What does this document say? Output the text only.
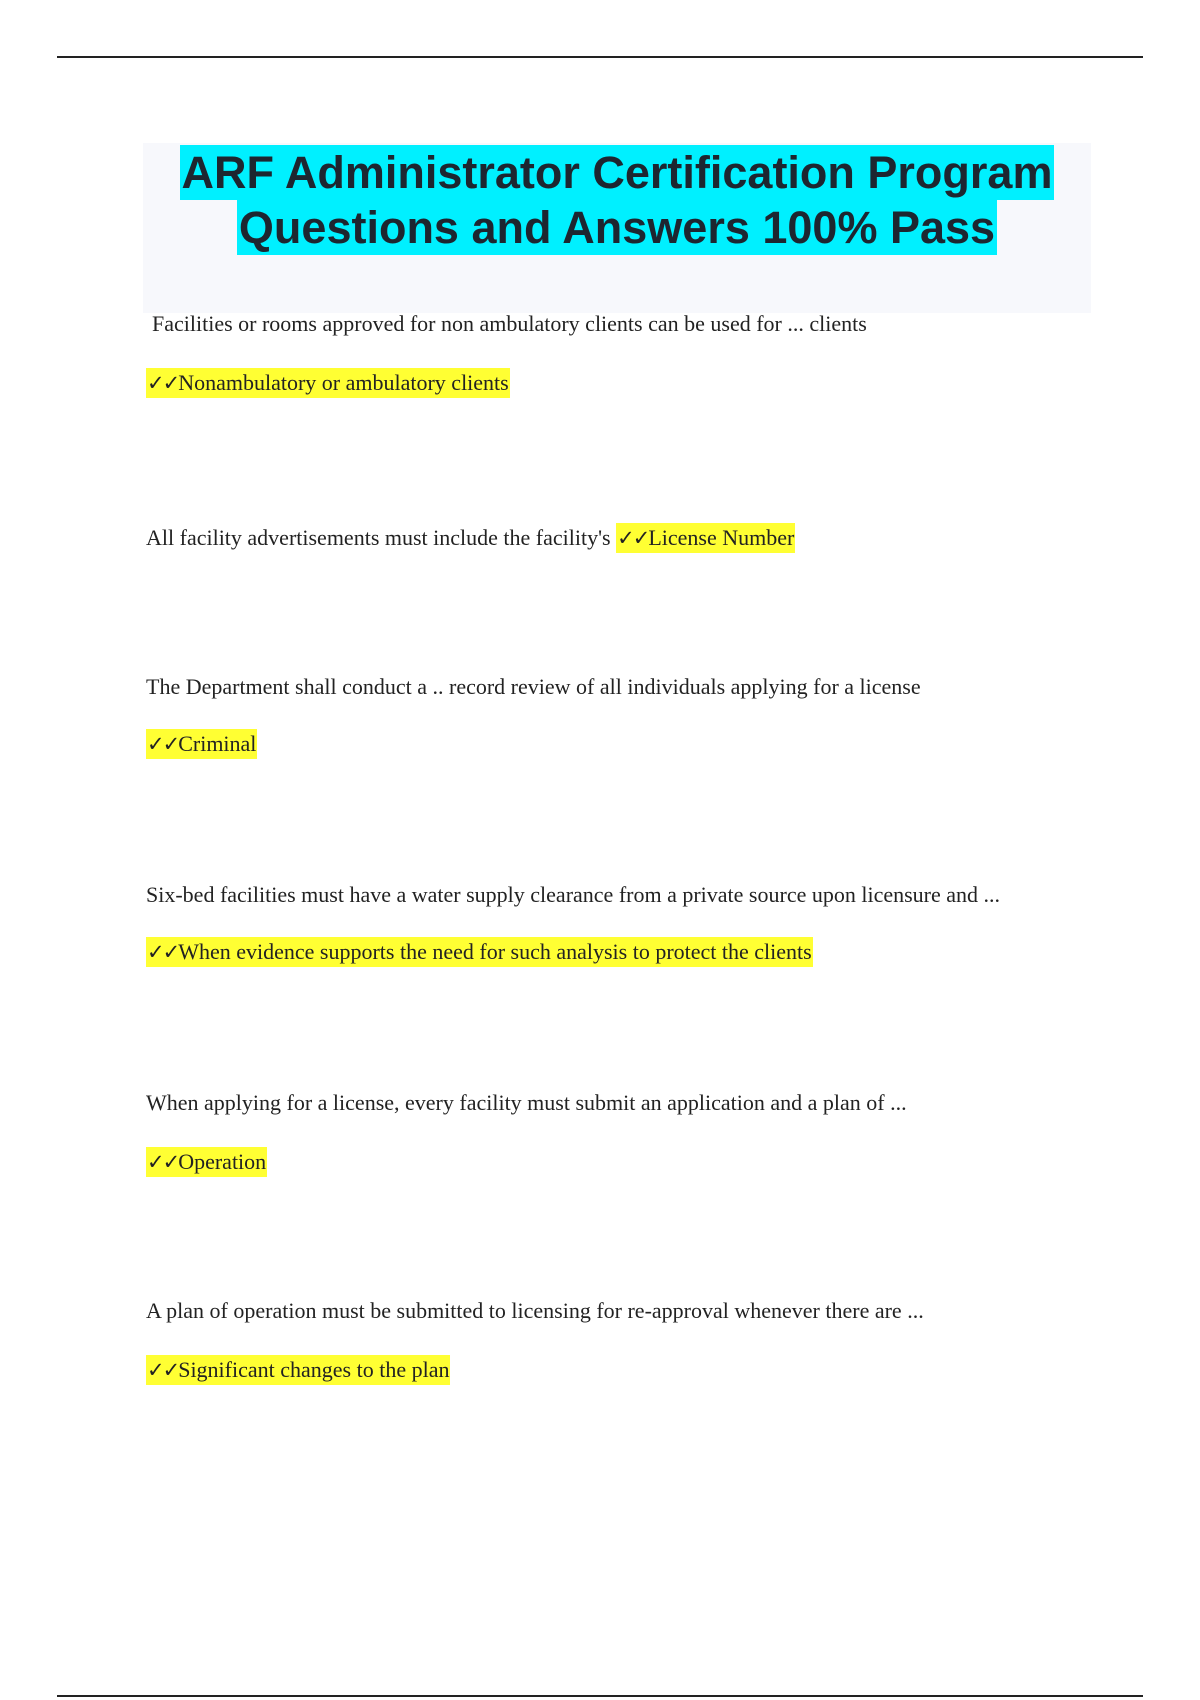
ARF Administrator Certification Program
Questions and Answers 100% Pass
Facilities or rooms approved for non ambulatory clients can be used for ... clients
✓✓Nonambulatory or ambulatory clients
All facility advertisements must include the facility's ✓✓License Number
The Department shall conduct a .. record review of all individuals applying for a license
✓✓Criminal
Six-bed facilities must have a water supply clearance from a private source upon licensure and ...
✓✓When evidence supports the need for such analysis to protect the clients
When applying for a license, every facility must submit an application and a plan of ...
✓✓Operation
A plan of operation must be submitted to licensing for re-approval whenever there are ...
✓✓Significant changes to the plan
